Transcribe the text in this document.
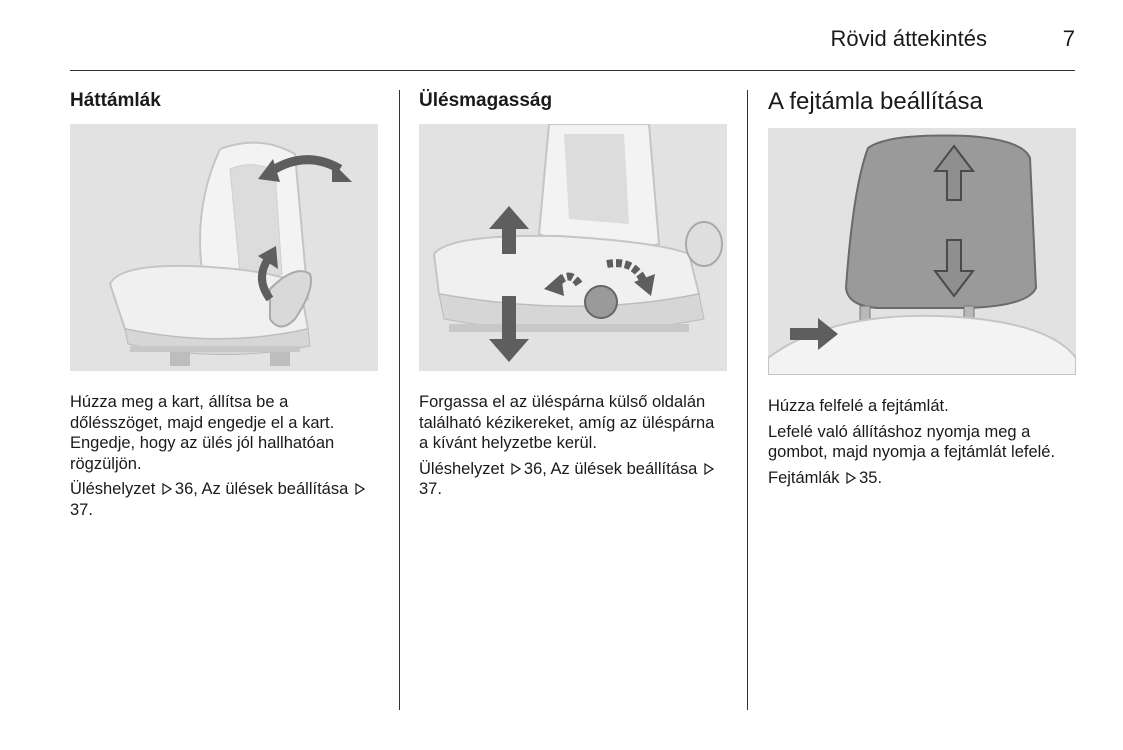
Rövid áttekintés	7
Háttámlák

Húzza meg a kart, állítsa be a dőlésszöget, majd engedje el a kart. Engedje, hogy az ülés jól hallhatóan rögzüljön.

Üléshelyzet 36, Az ülések beállítása 37.

Ülésmagasság

Forgassa el az üléspárna külső oldalán található kézikereket, amíg az üléspárna a kívánt helyzetbe kerül.

Üléshelyzet 36, Az ülések beállítása 37.

A fejtámla beállítása

Húzza felfelé a fejtámlát.

Lefelé való állításhoz nyomja meg a gombot, majd nyomja a fejtámlát lefelé.

Fejtámlák 35.
